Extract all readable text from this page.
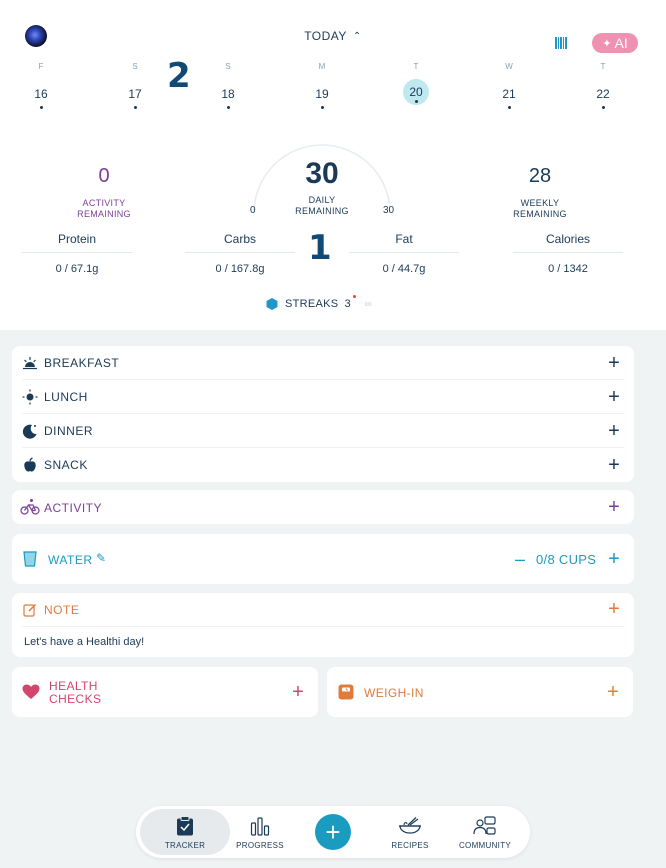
TODAY ⌃
✦ AI
F
16
S
17
S
18
M
19
T
20
W
21
T
22
2
1
0
ACTIVITY
REMAINING
30
DAILY
REMAINING
0	30
28
WEEKLY
REMAINING
Protein
0 / 67.1g
Carbs
0 / 167.8g
Fat
0 / 44.7g
Calories
0 / 1342
STREAKS 3 ∞
BREAKFAST	+
LUNCH	+
DINNER	+
SNACK	+
ACTIVITY	+
WATER ✎	– 0/8 CUPS +
NOTE	+
Let's have a Healthi day!
HEALTH
CHECKS	+	WEIGH-IN	+
TRACKER	PROGRESS	+	RECIPES	COMMUNITY
